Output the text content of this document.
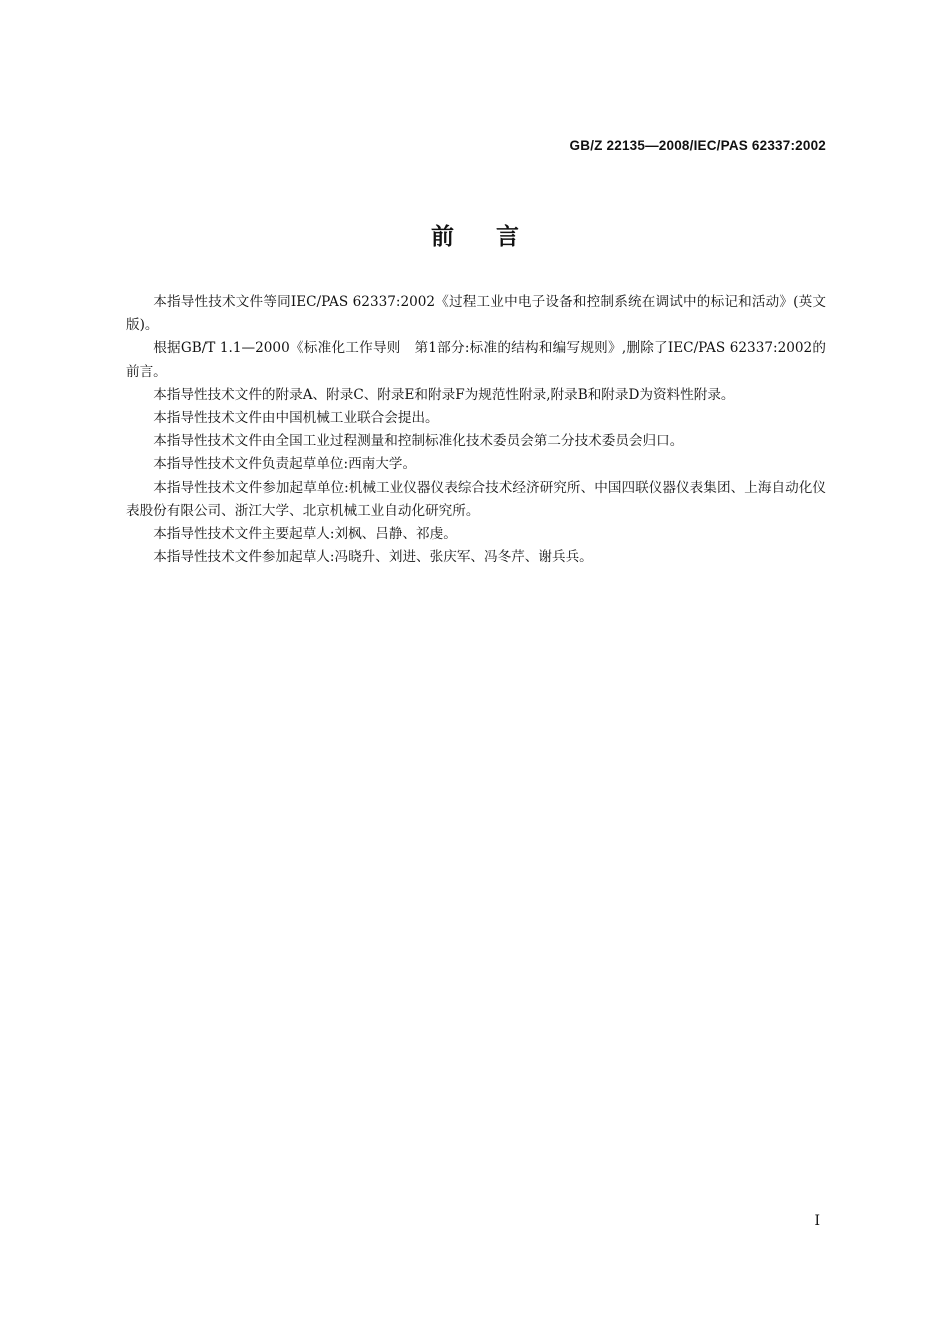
GB/Z 22135—2008/IEC/PAS 62337:2002
前言

本指导性技术文件等同IEC/PAS 62337:2002《过程工业中电子设备和控制系统在调试中的标记和活动》(英文版)。

根据GB/T 1.1—2000《标准化工作导则　第1部分:标准的结构和编写规则》,删除了IEC/PAS 62337:2002的前言。

本指导性技术文件的附录A、附录C、附录E和附录F为规范性附录,附录B和附录D为资料性附录。

本指导性技术文件由中国机械工业联合会提出。

本指导性技术文件由全国工业过程测量和控制标准化技术委员会第二分技术委员会归口。

本指导性技术文件负责起草单位:西南大学。

本指导性技术文件参加起草单位:机械工业仪器仪表综合技术经济研究所、中国四联仪器仪表集团、上海自动化仪表股份有限公司、浙江大学、北京机械工业自动化研究所。

本指导性技术文件主要起草人:刘枫、吕静、祁虔。

本指导性技术文件参加起草人:冯晓升、刘进、张庆军、冯冬芹、谢兵兵。

I
